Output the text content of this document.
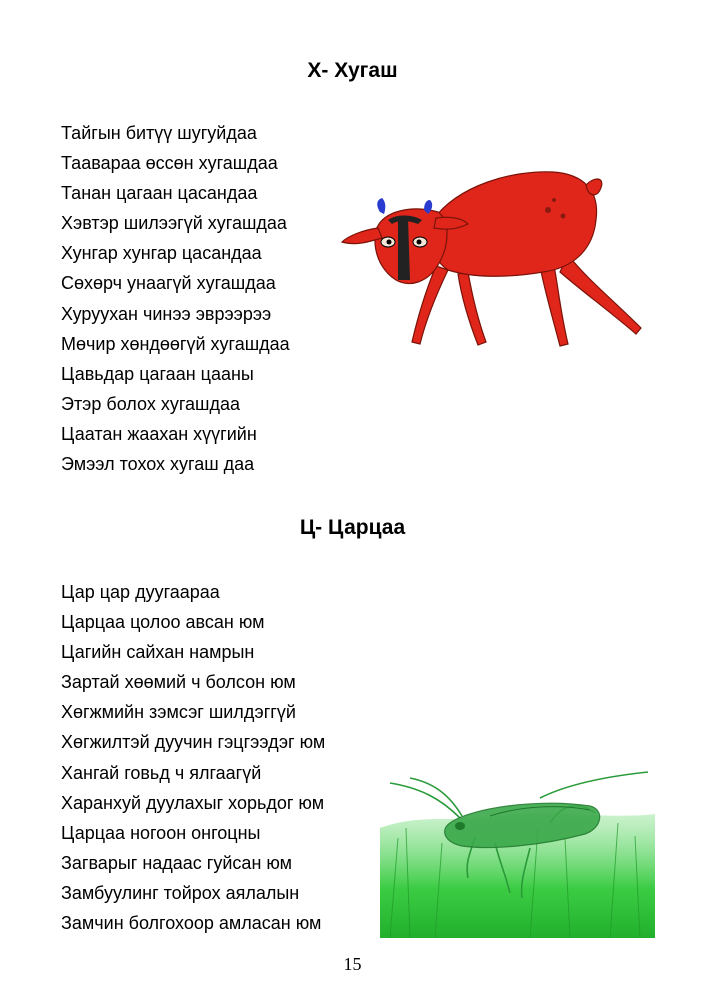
Х- Хугаш
Тайгын битүү шугуйдаа
Таавараа өссөн хугашдаа
Танан цагаан цасандаа
Хэвтэр шилээгүй хугашдаа
Хунгар хунгар цасандаа
Сөхөрч унаагүй хугашдаа
Хуруухан чинээ эврээрээ
Мөчир хөндөөгүй хугашдаа
Цавьдар цагаан цааны
Этэр болох хугашдаа
Цаатан жаахан хүүгийн
Эмээл тохох хугаш даа
Ц- Царцаа
Цар цар дуугаараа
Царцаа цолоо авсан юм
Цагийн сайхан намрын
Зартай хөөмий ч болсон юм
Хөгжмийн зэмсэг шилдэггүй
Хөгжилтэй дуучин гэцгээдэг юм
Хангай говьд ч ялгаагүй
Харанхуй дуулахыг хорьдог юм
Царцаа ногоон онгоцны
Загварыг надаас гуйсан юм
Замбуулинг тойрох аялалын
Замчин болгохоор амласан юм
15
